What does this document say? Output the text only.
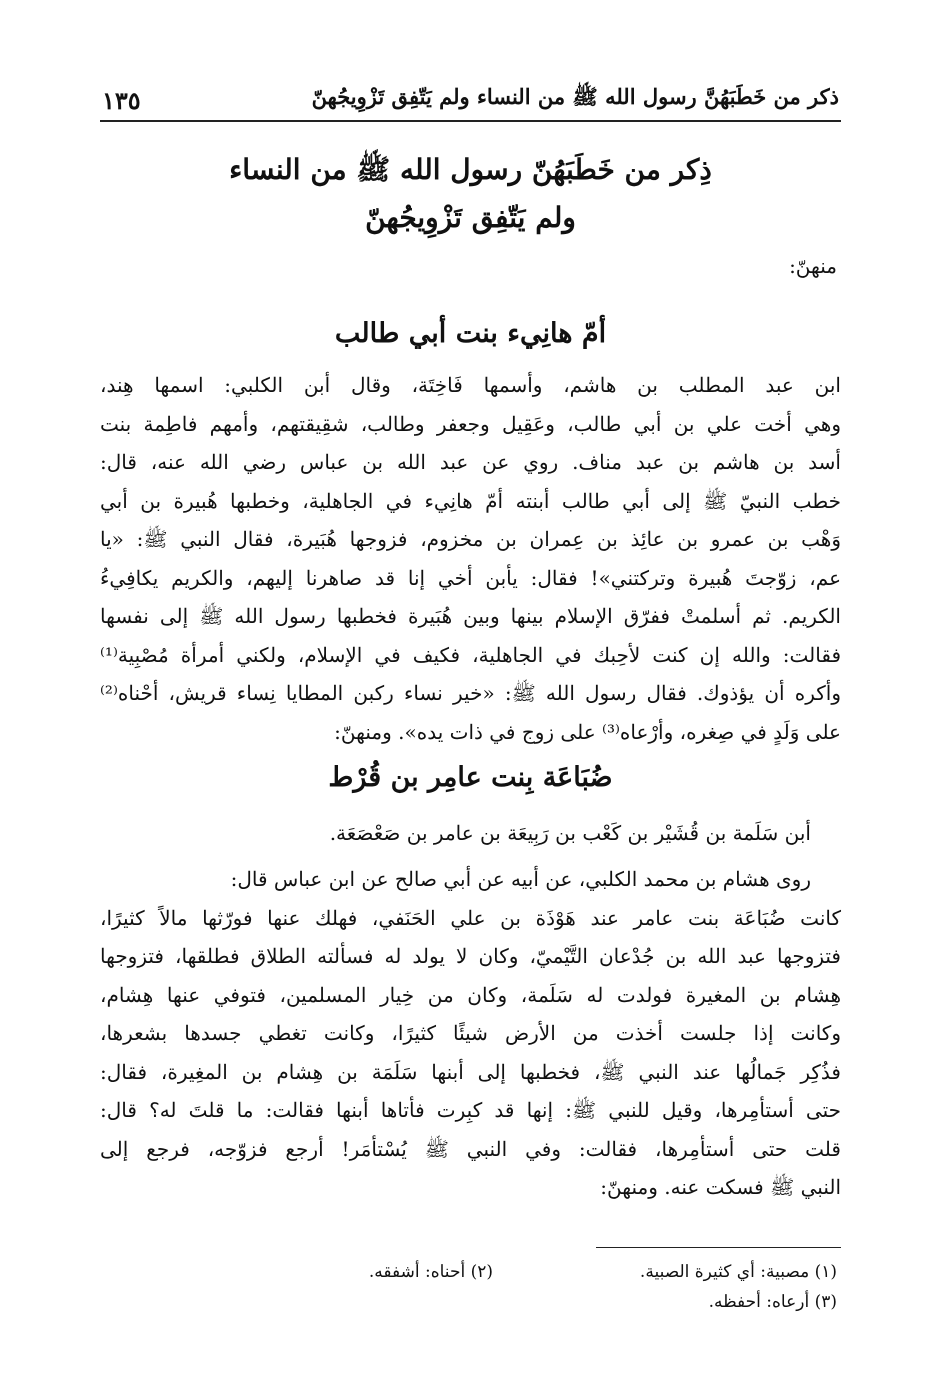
ذكر من خَطَبَهُنَّ رسول الله ﷺ من النساء ولم يَتّفِق تَزْوِيجُهنّ
١٣٥
ذِكر من خَطَبَهُنّ رسول الله ﷺ من النساء
ولم يَتّفِق تَزْوِيجُهنّ
منهنّ:
أمّ هانِيء بنت أبي طالب
ابن عبد المطلب بن هاشم، وأسمها فَاخِتَة، وقال أبن الكلبي: اسمها هِند،
وهي أخت علي بن أبي طالب، وعَقِيل وجعفر وطالب، شقِيقتهم، وأمهم فاطِمة بنت
أسد بن هاشم بن عبد مناف. روي عن عبد الله بن عباس رضي الله عنه، قال:
خطب النبيّ ﷺ إلى أبي طالب أبنته أمّ هانِيء في الجاهلية، وخطبها هُبيرة بن أبي
وَهْب بن عمرو بن عائِذ بن عِمران بن مخزوم، فزوجها هُبَيرة، فقال النبي ﷺ: «يا
عم، زوّجتَ هُبيرة وتركتني»! فقال: يأبن أخي إنا قد صاهرنا إليهم، والكريم يكافِيءُ
الكريم. ثم أسلمتْ ففرّق الإسلام بينها وبين هُبَيرة فخطبها رسول الله ﷺ إلى نفسها
فقالت: والله إن كنت لأحِبك في الجاهلية، فكيف في الإسلام، ولكني أمرأة مُصْبِية⁽¹⁾
وأكره أن يؤذوك. فقال رسول الله ﷺ: «خير نساء ركبن المطايا نِساء قريش، أحْناه⁽²⁾
على وَلَدٍ في صِغره، وأرْعاه⁽³⁾ على زوج في ذات يده». ومنهنّ:
ضُبَاعَة بِنت عامِر بن قُرْط
أبن سَلَمة بن قُشَيْر بن كَعْب بن رَبِيعَة بن عامر بن صَعْصَعَة.
روى هشام بن محمد الكلبي، عن أبيه عن أبي صالح عن ابن عباس قال:
كانت ضُبَاعَة بنت عامر عند هَوْذَة بن علي الحَنَفي، فهلك عنها فورّثها مالاً كثيرًا،
فتزوجها عبد الله بن جُدْعان التَّيْميّ، وكان لا يولد له فسألته الطلاق فطلقها، فتزوجها
هِشام بن المغيرة فولدت له سَلَمة، وكان من خِيار المسلمين، فتوفي عنها هِشام،
وكانت إذا جلست أخذت من الأرض شيئًا كثيرًا، وكانت تغطي جسدها بشعرها،
فذُكِر جَمالُها عند النبي ﷺ، فخطبها إلى أبنها سَلَمَة بن هِشام بن المغِيرة، فقال:
حتى أستأمِرها، وقيل للنبي ﷺ: إنها قد كبِرت فأتاها أبنها فقالت: ما قلتَ له؟ قال:
قلت حتى أستأمِرها، فقالت: وفي النبي ﷺ يُسْتأمَر! أرجع فزوّجه، فرجع إلى
النبي ﷺ فسكت عنه. ومنهنّ:
(١) مصبية: أي كثيرة الصبية.
(٢) أحناه: أشفقه.
(٣) أرعاه: أحفظه.
